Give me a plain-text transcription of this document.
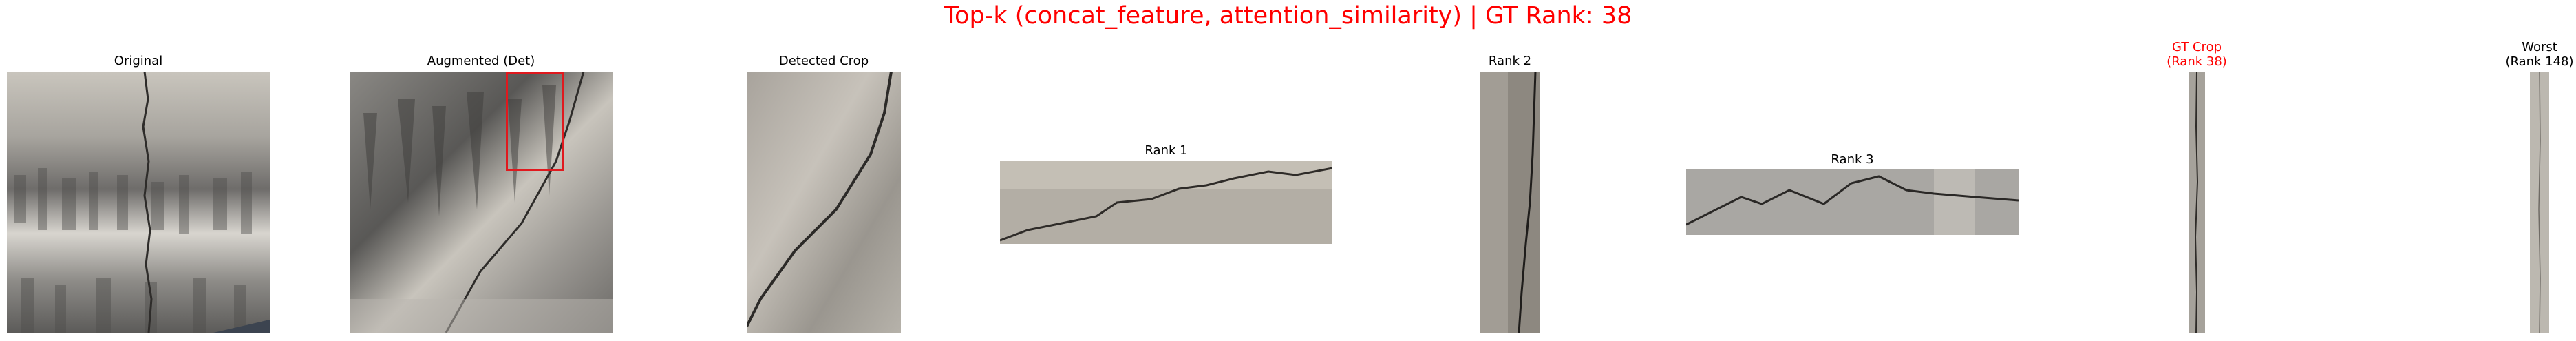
Top-k (concat_feature, attention_similarity) | GT Rank: 38
Original	Augmented (Det)	Detected Crop
Rank 1
Rank 2
Rank 3
GT Crop
(Rank 38)
Worst
(Rank 148)
